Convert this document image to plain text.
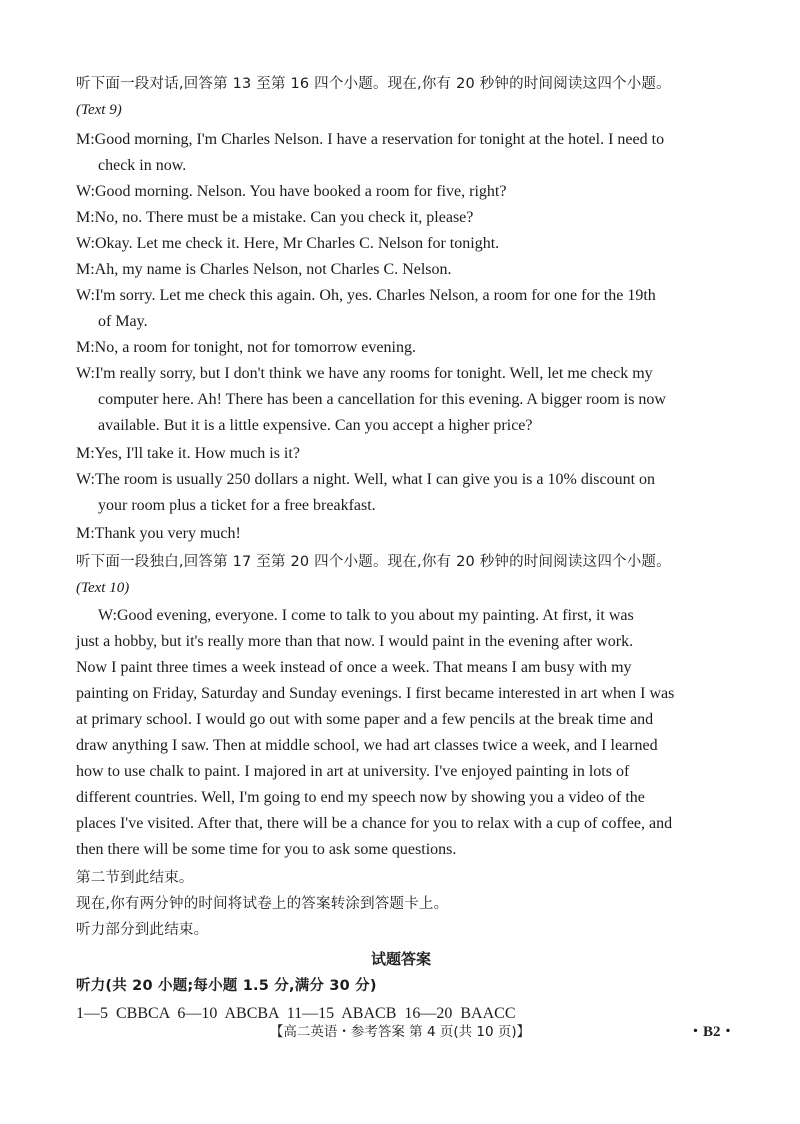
听下面一段对话,回答第 13 至第 16 四个小题。现在,你有 20 秒钟的时间阅读这四个小题。
(Text 9)
M:Good morning, I'm Charles Nelson. I have a reservation for tonight at the hotel. I need to
check in now.
W:Good morning. Nelson. You have booked a room for five, right?
M:No, no. There must be a mistake. Can you check it, please?
W:Okay. Let me check it. Here, Mr Charles C. Nelson for tonight.
M:Ah, my name is Charles Nelson, not Charles C. Nelson.
W:I'm sorry. Let me check this again. Oh, yes. Charles Nelson, a room for one for the 19th
of May.
M:No, a room for tonight, not for tomorrow evening.
W:I'm really sorry, but I don't think we have any rooms for tonight. Well, let me check my
computer here. Ah! There has been a cancellation for this evening. A bigger room is now
available. But it is a little expensive. Can you accept a higher price?
M:Yes, I'll take it. How much is it?
W:The room is usually 250 dollars a night. Well, what I can give you is a 10% discount on
your room plus a ticket for a free breakfast.
M:Thank you very much!
听下面一段独白,回答第 17 至第 20 四个小题。现在,你有 20 秒钟的时间阅读这四个小题。
(Text 10)
W:Good evening, everyone. I come to talk to you about my painting. At first, it was
just a hobby, but it's really more than that now. I would paint in the evening after work.
Now I paint three times a week instead of once a week. That means I am busy with my
painting on Friday, Saturday and Sunday evenings. I first became interested in art when I was
at primary school. I would go out with some paper and a few pencils at the break time and
draw anything I saw. Then at middle school, we had art classes twice a week, and I learned
how to use chalk to paint. I majored in art at university. I've enjoyed painting in lots of
different countries. Well, I'm going to end my speech now by showing you a video of the
places I've visited. After that, there will be a chance for you to relax with a cup of coffee, and
then there will be some time for you to ask some questions.
第二节到此结束。
现在,你有两分钟的时间将试卷上的答案转涂到答题卡上。
听力部分到此结束。
试题答案
听力(共 20 小题;每小题 1.5 分,满分 30 分)
1—5 CBBCA 6—10 ABCBA 11—15 ABACB 16—20 BAACC
【高二英语・参考答案 第 4 页(共 10 页)】	・B2・
